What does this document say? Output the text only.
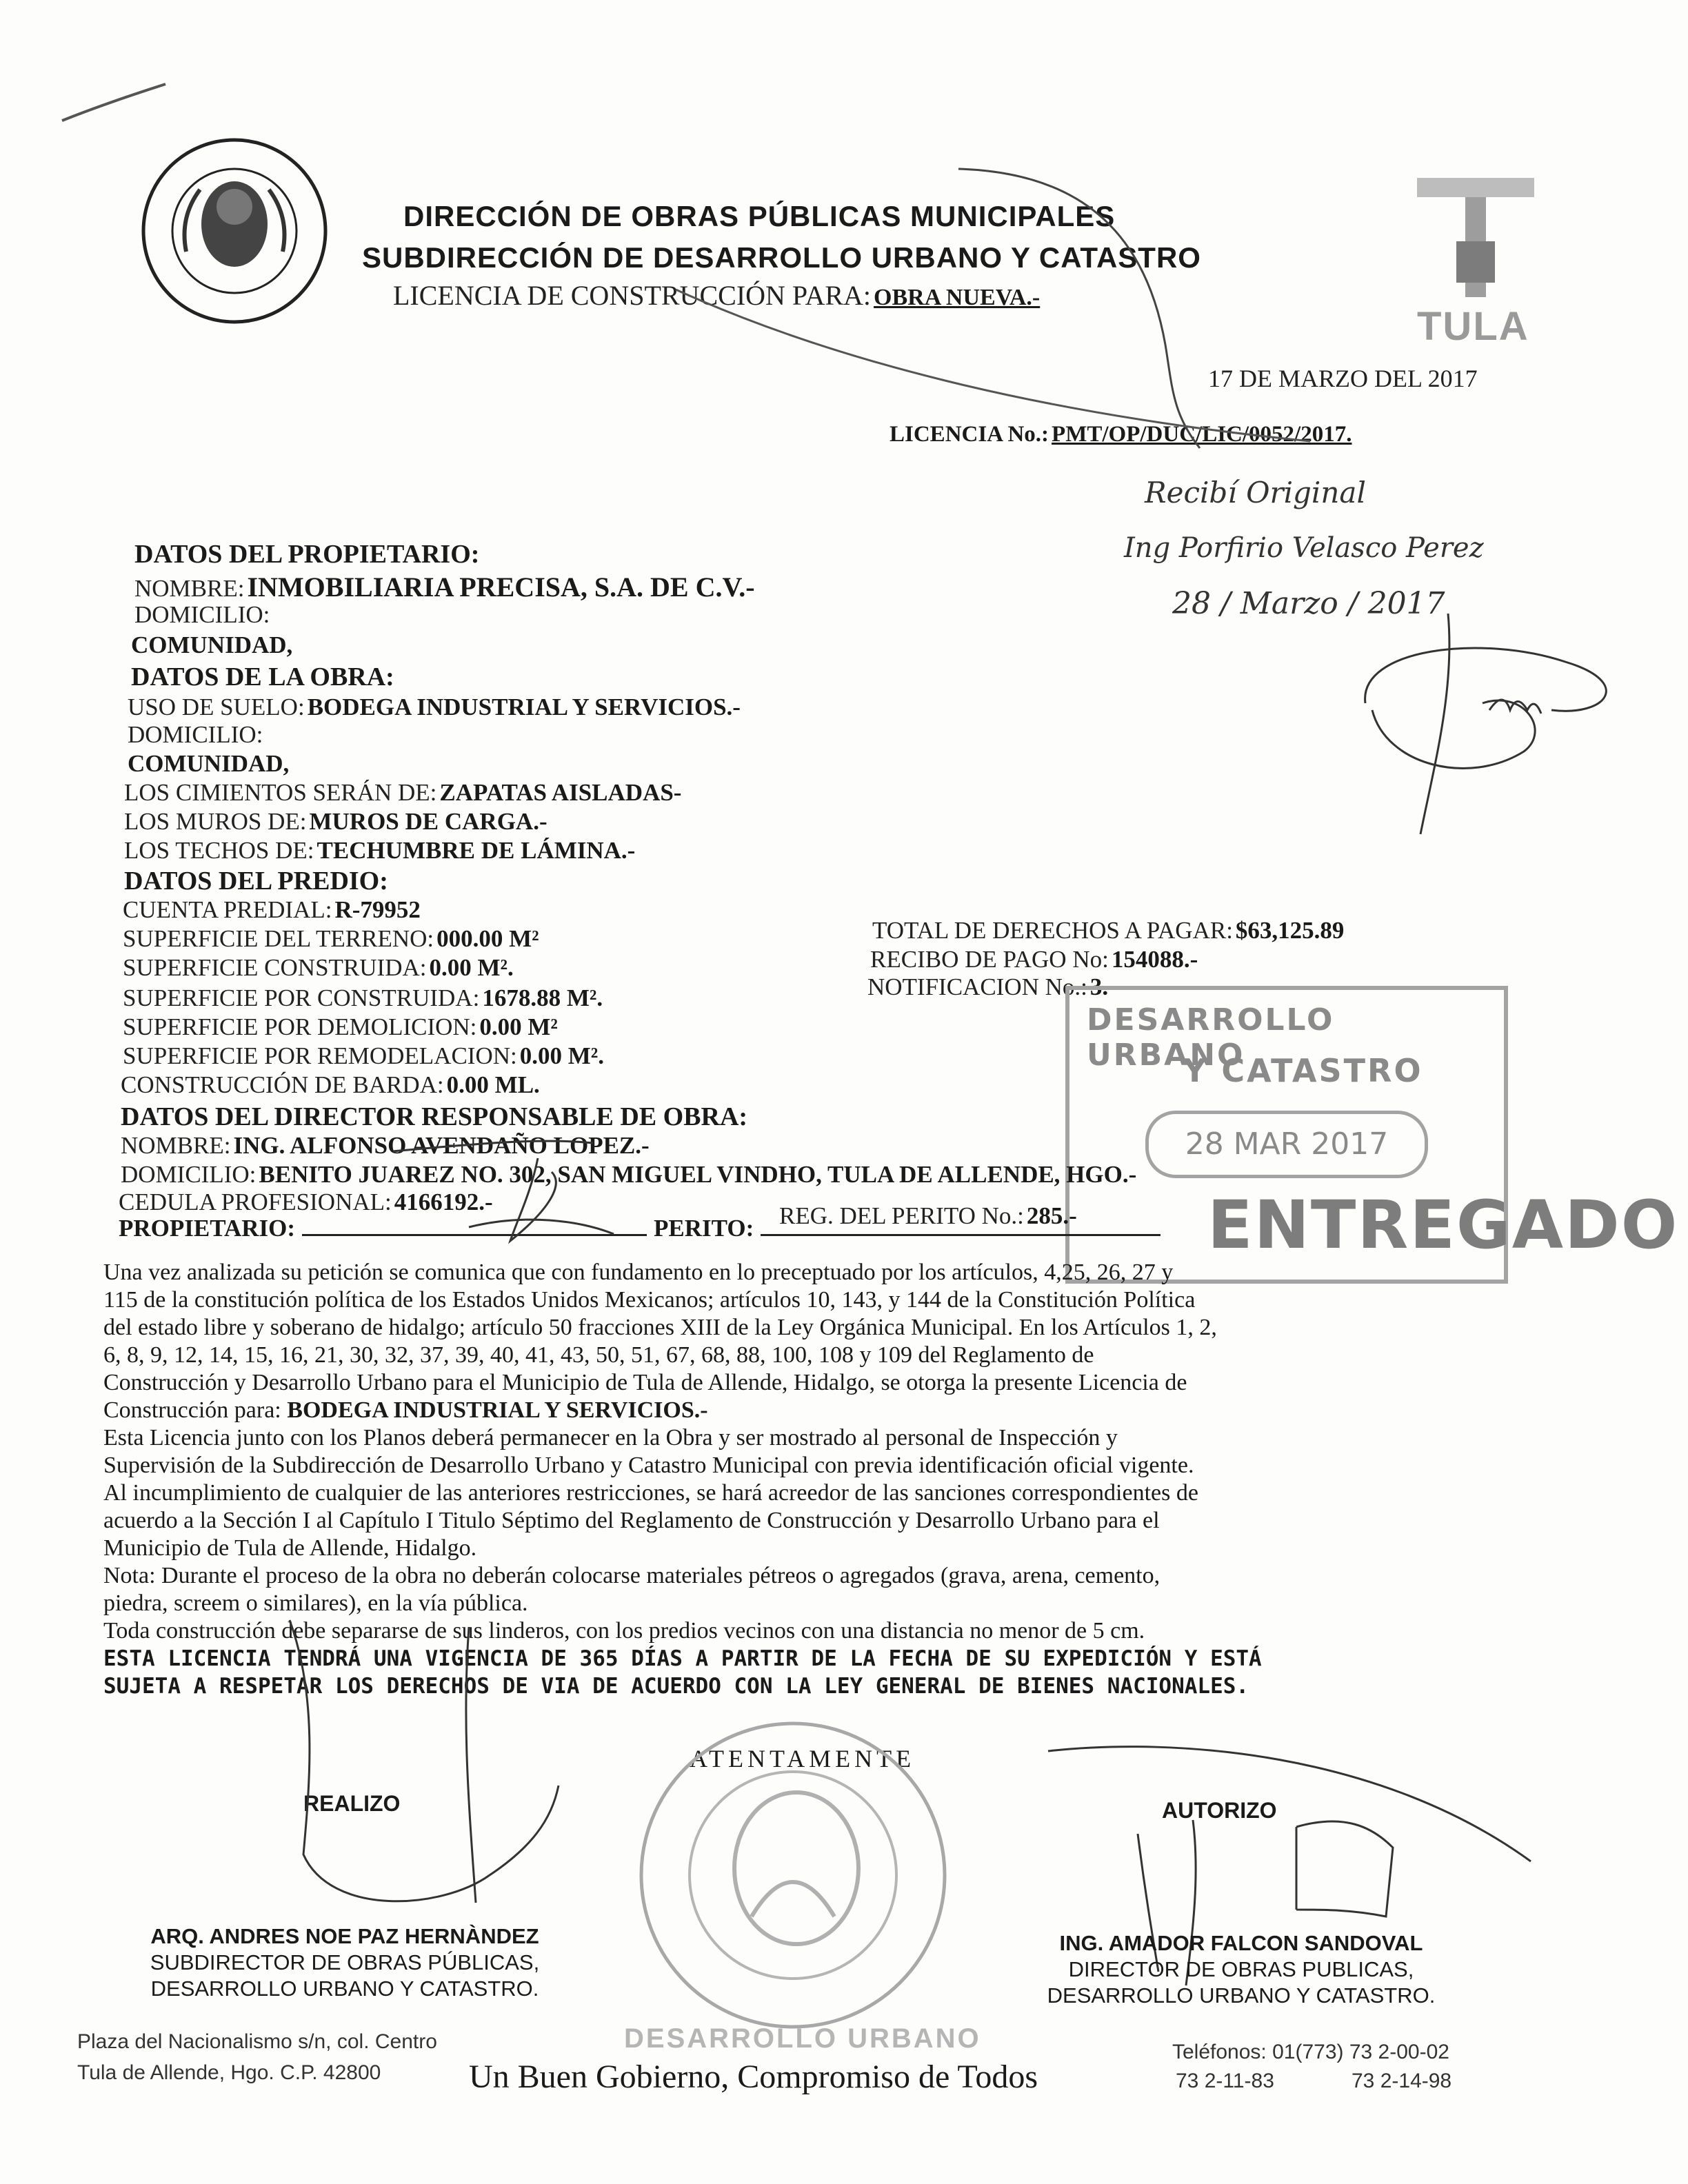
DIRECCIÓN DE OBRAS PÚBLICAS MUNICIPALES
SUBDIRECCIÓN DE DESARROLLO URBANO Y CATASTRO
LICENCIA DE CONSTRUCCIÓN PARA: OBRA NUEVA.-
TULA
17 DE MARZO DEL 2017
LICENCIA No.: PMT/OP/DUC/LIC/0052/2017.
Recibí Original
Ing Porfirio Velasco Perez
28 / Marzo / 2017
DATOS DEL PROPIETARIO:
NOMBRE: INMOBILIARIA PRECISA, S.A. DE C.V.-
DOMICILIO:
COMUNIDAD,
DATOS DE LA OBRA:
USO DE SUELO: BODEGA INDUSTRIAL Y SERVICIOS.-
DOMICILIO:
COMUNIDAD,
LOS CIMIENTOS SERÁN DE: ZAPATAS AISLADAS-
LOS MUROS DE: MUROS DE CARGA.-
LOS TECHOS DE: TECHUMBRE DE LÁMINA.-
DATOS DEL PREDIO:
CUENTA PREDIAL: R-79952
SUPERFICIE DEL TERRENO: 000.00 M²
SUPERFICIE CONSTRUIDA: 0.00 M².
SUPERFICIE POR CONSTRUIDA: 1678.88 M².
SUPERFICIE POR DEMOLICION: 0.00 M²
SUPERFICIE POR REMODELACION: 0.00 M².
CONSTRUCCIÓN DE BARDA: 0.00 ML.
TOTAL DE DERECHOS A PAGAR: $63,125.89
RECIBO DE PAGO No: 154088.-
NOTIFICACION No.: 3.-
DESARROLLO URBANO
Y CATASTRO
28 MAR 2017
ENTREGADO
DATOS DEL DIRECTOR RESPONSABLE DE OBRA:
NOMBRE: ING. ALFONSO AVENDAÑO LOPEZ.-
DOMICILIO: BENITO JUAREZ NO. 302, SAN MIGUEL VINDHO, TULA DE ALLENDE, HGO.-
CEDULA PROFESIONAL: 4166192.-
REG. DEL PERITO No.: 285.-
PROPIETARIO:	PERITO:
Una vez analizada su petición se comunica que con fundamento en lo preceptuado por los artículos, 4,25, 26, 27 y
115 de la constitución política de los Estados Unidos Mexicanos; artículos 10, 143, y 144 de la Constitución Política
del estado libre y soberano de hidalgo; artículo 50 fracciones XIII de la Ley Orgánica Municipal. En los Artículos 1, 2,
6, 8, 9, 12, 14, 15, 16, 21, 30, 32, 37, 39, 40, 41, 43, 50, 51, 67, 68, 88, 100, 108 y 109 del Reglamento de
Construcción y Desarrollo Urbano para el Municipio de Tula de Allende, Hidalgo, se otorga la presente Licencia de
Construcción para: BODEGA INDUSTRIAL Y SERVICIOS.-
Esta Licencia junto con los Planos deberá permanecer en la Obra y ser mostrado al personal de Inspección y
Supervisión de la Subdirección de Desarrollo Urbano y Catastro Municipal con previa identificación oficial vigente.
Al incumplimiento de cualquier de las anteriores restricciones, se hará acreedor de las sanciones correspondientes de
acuerdo a la Sección I al Capítulo I Titulo Séptimo del Reglamento de Construcción y Desarrollo Urbano para el
Municipio de Tula de Allende, Hidalgo.
Nota: Durante el proceso de la obra no deberán colocarse materiales pétreos o agregados (grava, arena, cemento,
piedra, screem o similares), en la vía pública.
Toda construcción debe separarse de sus linderos, con los predios vecinos con una distancia no menor de 5 cm.
ESTA LICENCIA TENDRÁ UNA VIGENCIA DE 365 DÍAS A PARTIR DE LA FECHA DE SU EXPEDICIÓN Y ESTÁ
SUJETA A RESPETAR LOS DERECHOS DE VIA DE ACUERDO CON LA LEY GENERAL DE BIENES NACIONALES.
ATENTAMENTE
REALIZO	AUTORIZO
ARQ. ANDRES NOE PAZ HERNÀNDEZ
SUBDIRECTOR DE OBRAS PÚBLICAS,
DESARROLLO URBANO Y CATASTRO.
ING. AMADOR FALCON SANDOVAL
DIRECTOR DE OBRAS PUBLICAS,
DESARROLLO URBANO Y CATASTRO.
Plaza del Nacionalismo s/n, col. Centro
Tula de Allende, Hgo. C.P. 42800
DESARROLLO URBANO
Un Buen Gobierno, Compromiso de Todos
Teléfonos: 01(773) 73 2-00-02
73 2-11-83	73 2-14-98
